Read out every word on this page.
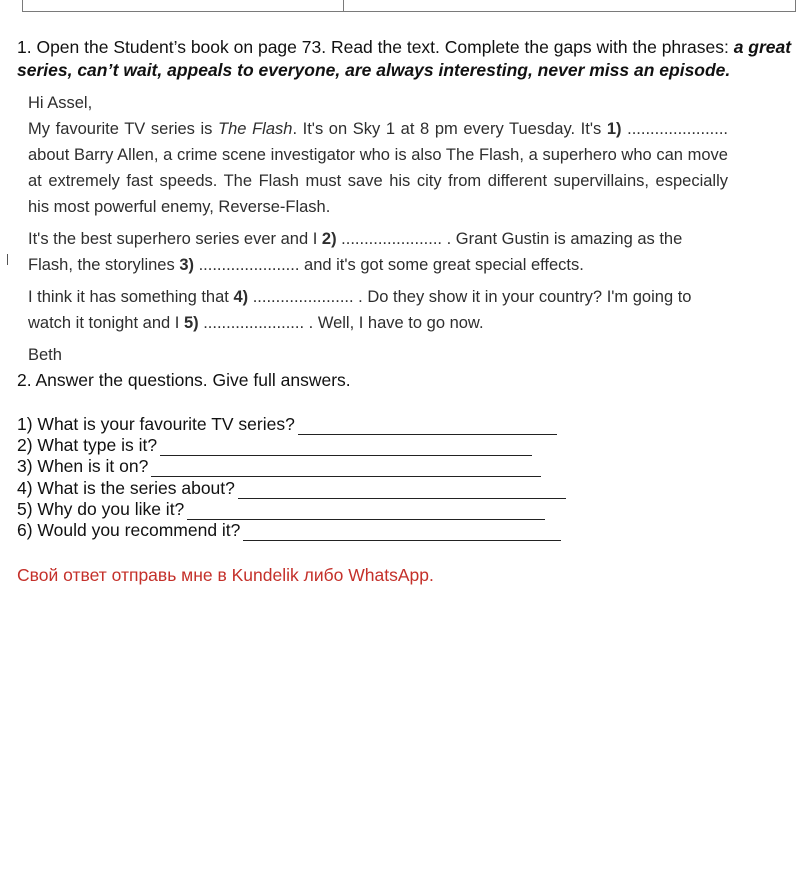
1. Open the Student’s book on page 73. Read the text. Complete the gaps with the phrases: a great series, can’t wait, appeals to everyone, are always interesting, never miss an episode.

Hi Assel,

My favourite TV series is The Flash. It's on Sky 1 at 8 pm every Tuesday. It's 1) ...................... about Barry Allen, a crime scene investigator who is also The Flash, a superhero who can move at extremely fast speeds. The Flash must save his city from different supervillains, especially his most powerful enemy, Reverse-Flash.

It's the best superhero series ever and I 2) ...................... . Grant Gustin is amazing as the Flash, the storylines 3) ...................... and it's got some great special effects.

I think it has something that 4) ...................... . Do they show it in your country? I'm going to watch it tonight and I 5) ...................... . Well, I have to go now.

Beth

2. Answer the questions. Give full answers.
1) What is your favourite TV series?
2) What type is it?
3) When is it on?
4) What is the series about?
5) Why do you like it?
6) Would you recommend it?
Свой ответ отправь мне в Kundelik либо WhatsApp.
